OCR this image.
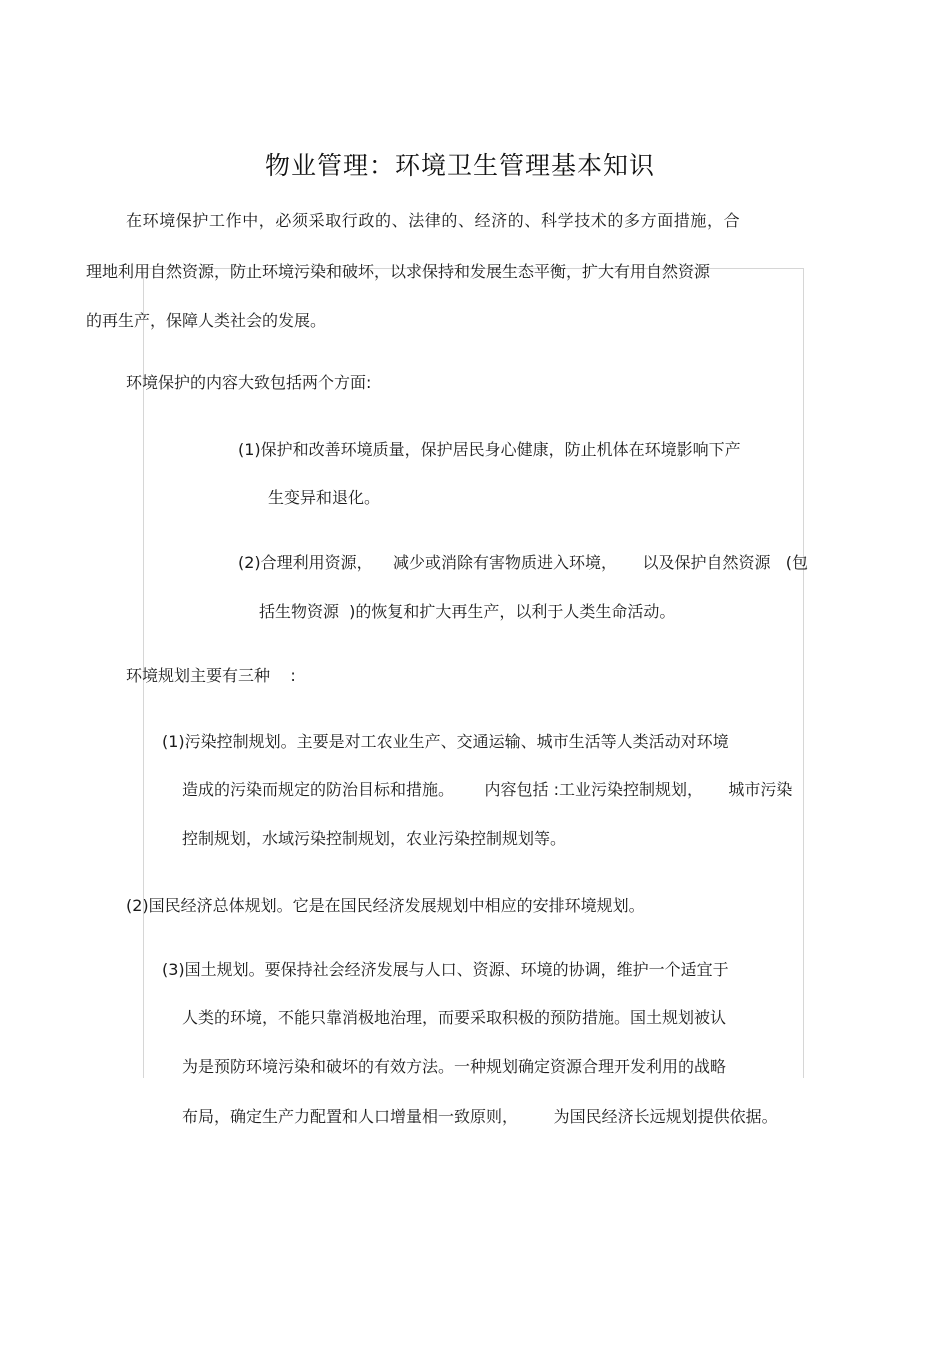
物业管理：环境卫生管理基本知识
在环境保护工作中，必须采取行政的、法律的、经济的、科学技术的多方面措施，合
理地利用自然资源，防止环境污染和破坏，以求保持和发展生态平衡，扩大有用自然资源
的再生产，保障人类社会的发展。
环境保护的内容大致包括两个方面:
(1)保护和改善环境质量，保护居民身心健康，防止机体在环境影响下产
生变异和退化。
(2)合理利用资源，    减少或消除有害物质进入环境，     以及保护自然资源   (包
括生物资源  )的恢复和扩大再生产，以利于人类生命活动。
环境规划主要有三种    :
(1)污染控制规划。主要是对工农业生产、交通运输、城市生活等人类活动对环境
造成的污染而规定的防治目标和措施。      内容包括 :工业污染控制规划，     城市污染
控制规划，水域污染控制规划，农业污染控制规划等。
(2)国民经济总体规划。它是在国民经济发展规划中相应的安排环境规划。
(3)国土规划。要保持社会经济发展与人口、资源、环境的协调，维护一个适宜于
人类的环境，不能只靠消极地治理，而要采取积极的预防措施。国土规划被认
为是预防环境污染和破坏的有效方法。一种规划确定资源合理开发利用的战略
布局，确定生产力配置和人口增量相一致原则，       为国民经济长远规划提供依据。
